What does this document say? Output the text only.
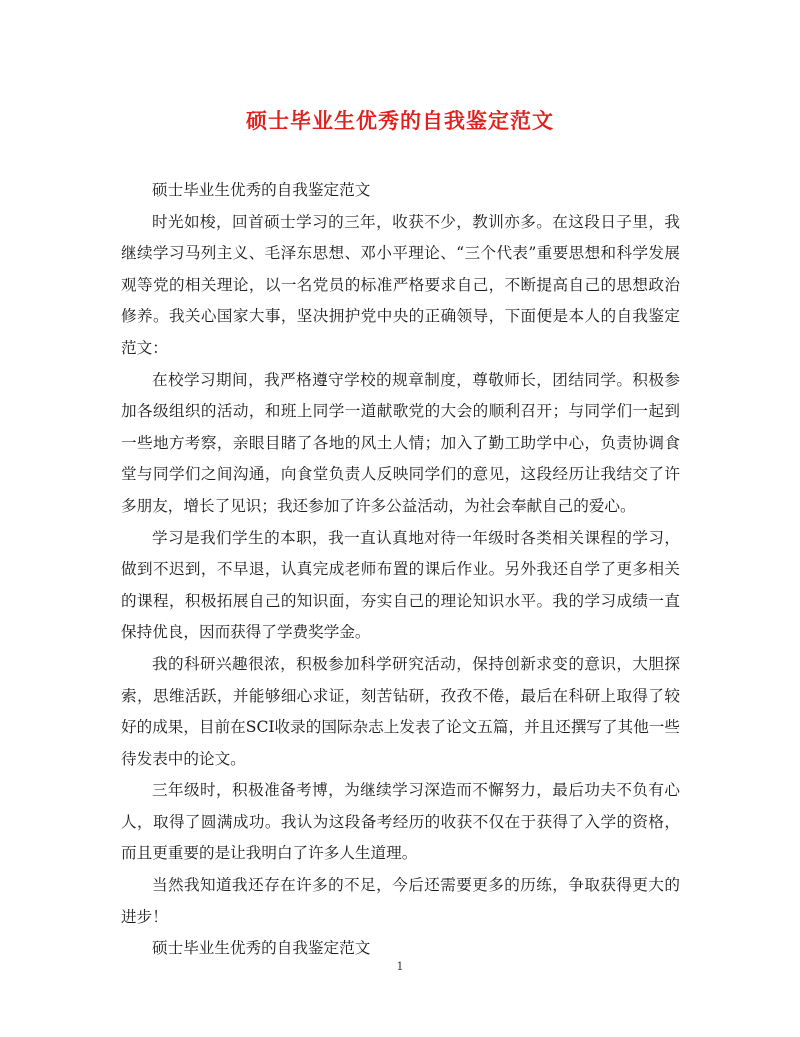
硕士毕业生优秀的自我鉴定范文

硕士毕业生优秀的自我鉴定范文

时光如梭，回首硕士学习的三年，收获不少，教训亦多。在这段日子里，我继续学习马列主义、毛泽东思想、邓小平理论、“三个代表”重要思想和科学发展观等党的相关理论，以一名党员的标准严格要求自己，不断提高自己的思想政治修养。我关心国家大事，坚决拥护党中央的正确领导，下面便是本人的自我鉴定范文：

在校学习期间，我严格遵守学校的规章制度，尊敬师长，团结同学。积极参加各级组织的活动，和班上同学一道献歌党的大会的顺利召开；与同学们一起到一些地方考察，亲眼目睹了各地的风土人情；加入了勤工助学中心，负责协调食堂与同学们之间沟通，向食堂负责人反映同学们的意见，这段经历让我结交了许多朋友，增长了见识；我还参加了许多公益活动，为社会奉献自己的爱心。

学习是我们学生的本职，我一直认真地对待一年级时各类相关课程的学习，做到不迟到，不早退，认真完成老师布置的课后作业。另外我还自学了更多相关的课程，积极拓展自己的知识面，夯实自己的理论知识水平。我的学习成绩一直保持优良，因而获得了学费奖学金。

我的科研兴趣很浓，积极参加科学研究活动，保持创新求变的意识，大胆探索，思维活跃，并能够细心求证，刻苦钻研，孜孜不倦，最后在科研上取得了较好的成果，目前在SCI收录的国际杂志上发表了论文五篇，并且还撰写了其他一些待发表中的论文。

三年级时，积极准备考博，为继续学习深造而不懈努力，最后功夫不负有心人，取得了圆满成功。我认为这段备考经历的收获不仅在于获得了入学的资格，而且更重要的是让我明白了许多人生道理。

当然我知道我还存在许多的不足，今后还需要更多的历练，争取获得更大的进步！

硕士毕业生优秀的自我鉴定范文

1
